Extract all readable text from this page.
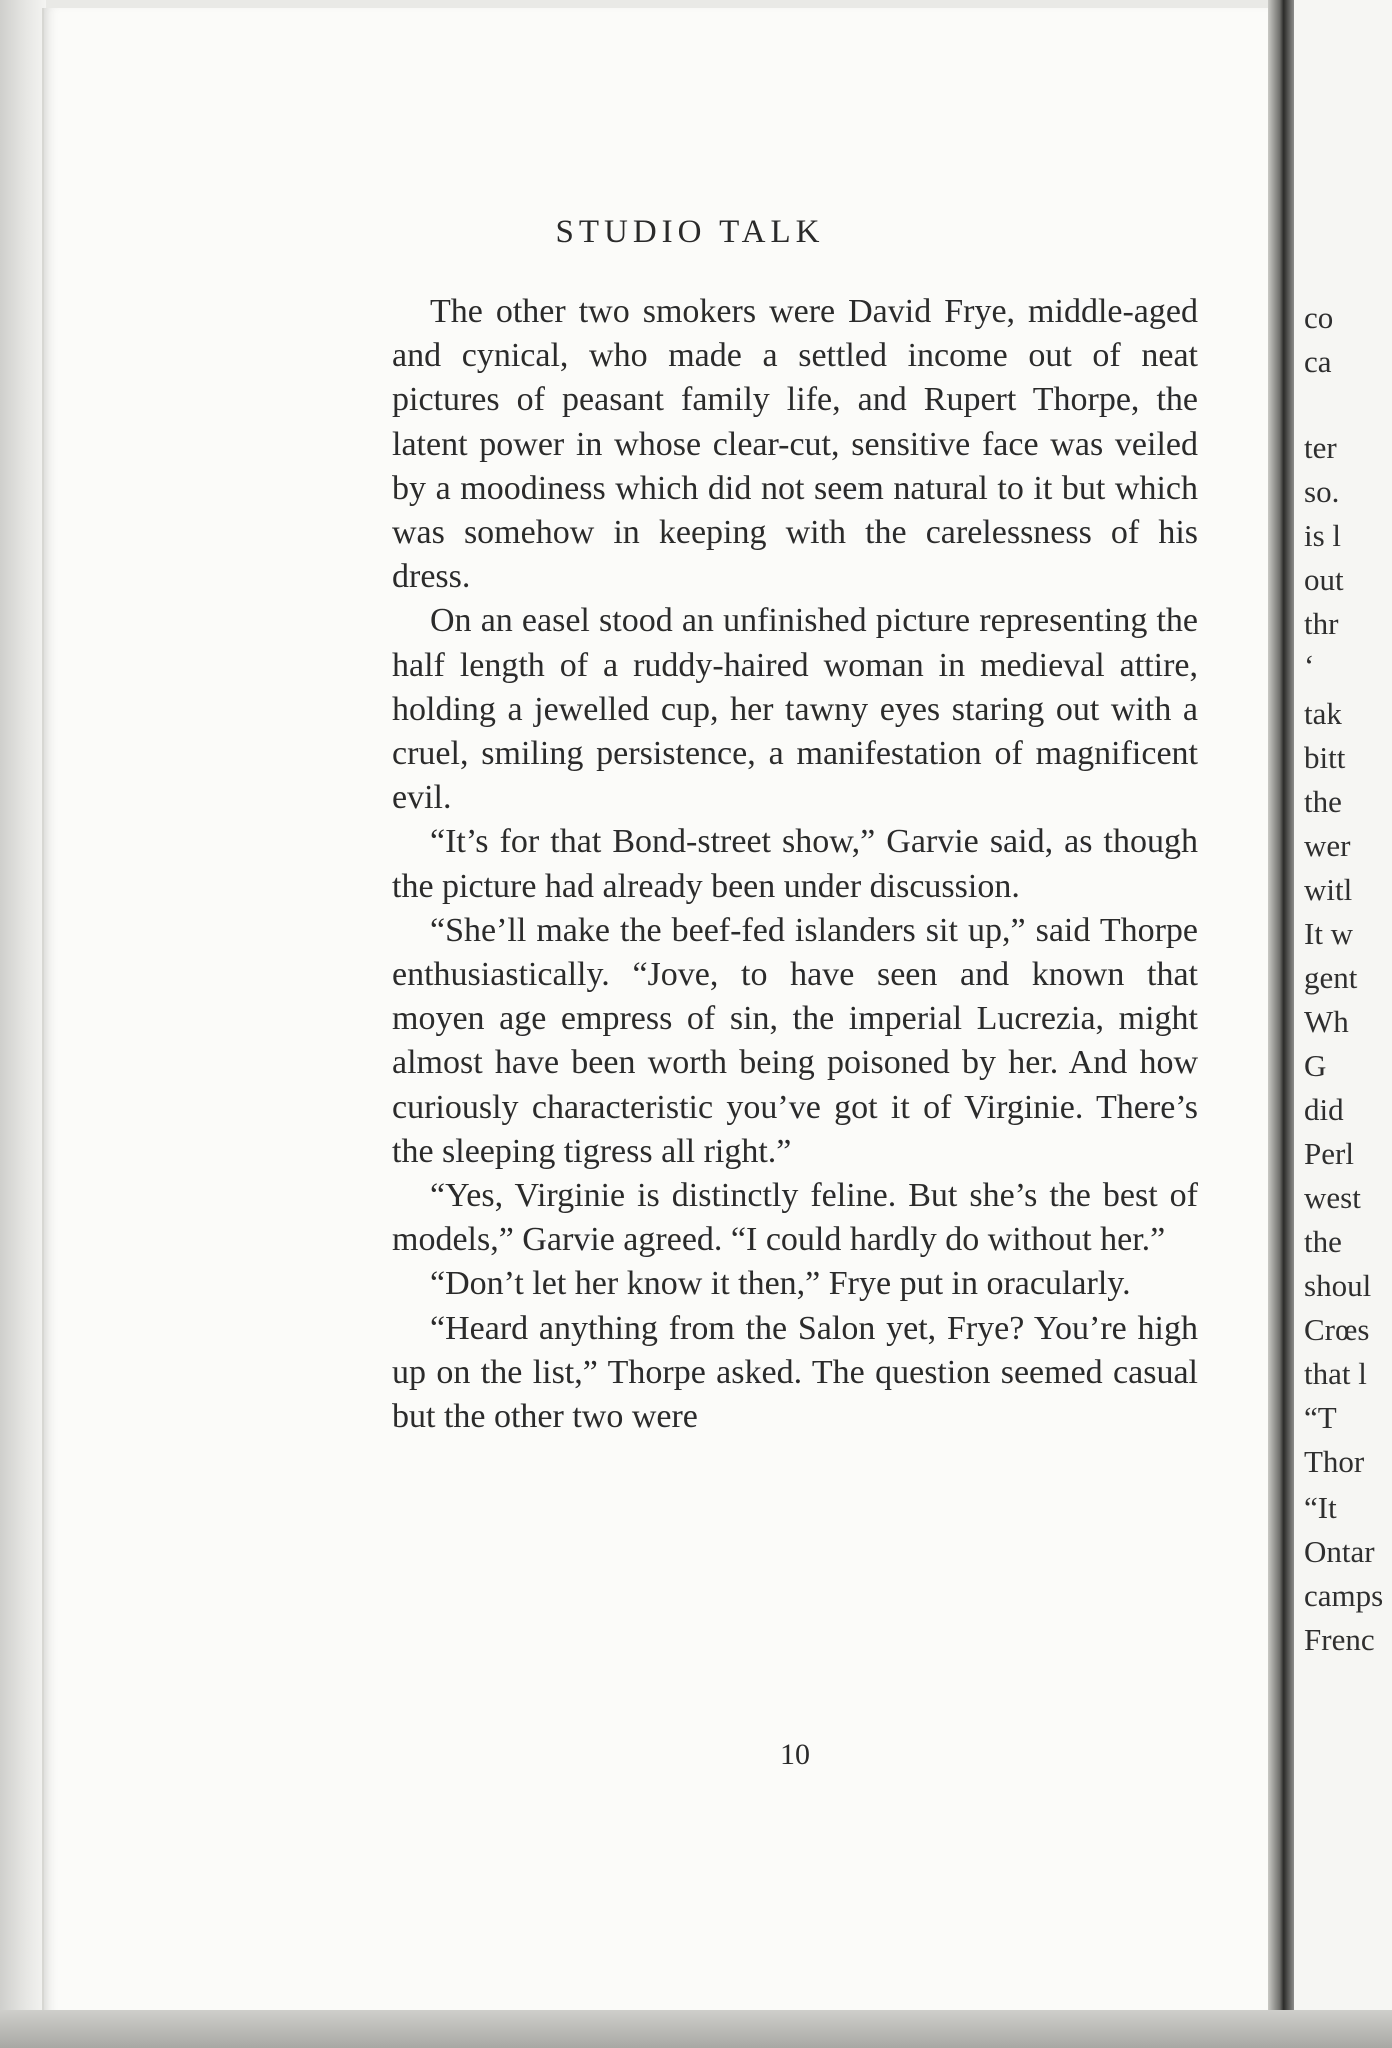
STUDIO TALK

The other two smokers were David Frye, middle-aged and cynical, who made a settled income out of neat pictures of peasant family life, and Rupert Thorpe, the latent power in whose clear-cut, sensitive face was veiled by a moodiness which did not seem natural to it but which was somehow in keeping with the carelessness of his dress.

On an easel stood an unfinished picture representing the half length of a ruddy-haired woman in medieval attire, holding a jewelled cup, her tawny eyes staring out with a cruel, smiling persistence, a manifestation of magnificent evil.

“It’s for that Bond-street show,” Garvie said, as though the picture had already been under discussion.

“She’ll make the beef-fed islanders sit up,” said Thorpe enthusiastically. “Jove, to have seen and known that moyen age empress of sin, the imperial Lucrezia, might almost have been worth being poisoned by her. And how curiously characteristic you’ve got it of Virginie. There’s the sleeping tigress all right.”

“Yes, Virginie is distinctly feline. But she’s the best of models,” Garvie agreed. “I could hardly do without her.”

“Don’t let her know it then,” Frye put in oracularly.

“Heard anything from the Salon yet, Frye? You’re high up on the list,” Thorpe asked. The question seemed casual but the other two were

10
co
ca
ter
so.
is l
out
thr
‘
tak
bitt
the
wer
witl
It w
gent
Wh
G
did
Perl
west
the
shoul
Crœs
that l
“T
Thor
“It
Ontar
camps
Frenc
